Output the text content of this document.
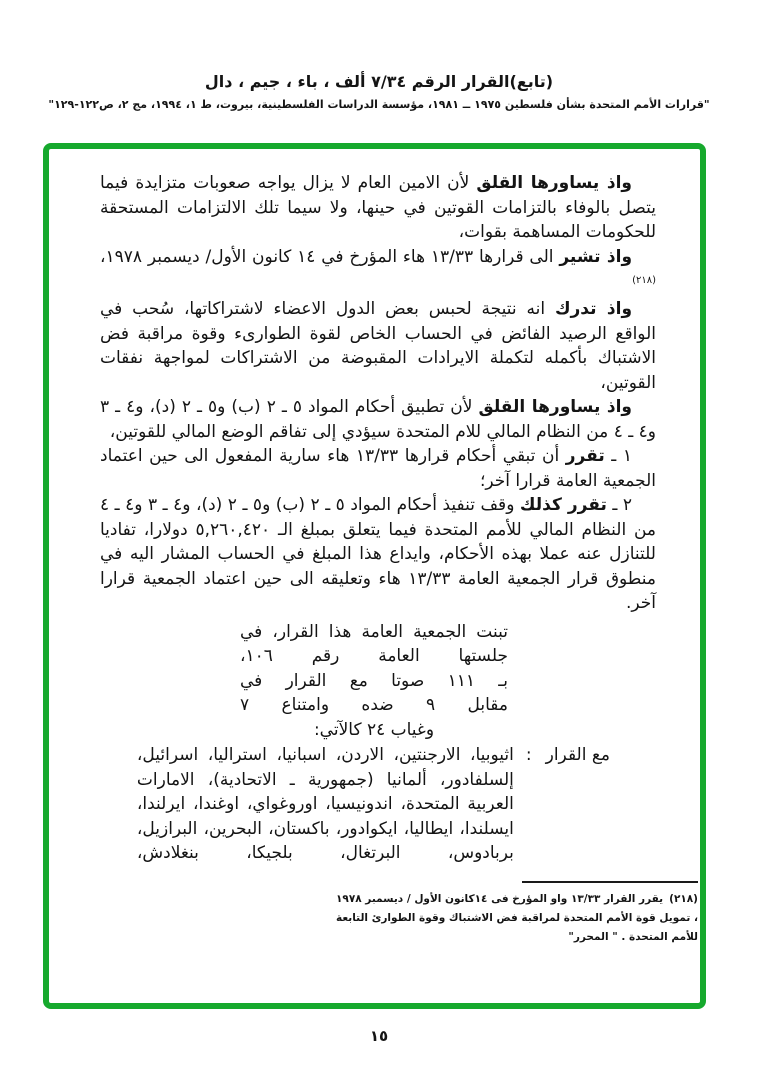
(تابع)القرار الرقم ٧/٣٤ ألف ، باء ، جيم ، دال
"قرارات الأمم المتحدة بشأن فلسطين ١٩٧٥ ــ ١٩٨١، مؤسسة الدراسات الفلسطينية، بيروت، ط ١، ١٩٩٤، مج ٢، ص١٢٢-١٢٩"

واذ يساورها القلق لأن الامين العام لا يزال يواجه صعوبات متزايدة فيما يتصل بالوفاء بالتزامات القوتين في حينها، ولا سيما تلك الالتزامات المستحقة للحكومات المساهمة بقوات،

واذ تشير الى قرارها ١٣/٣٣ هاء المؤرخ في ١٤ كانون الأول/ ديسمبر ١٩٧٨،$^{(٢١٨)}$

واذ تدرك انه نتيجة لحبس بعض الدول الاعضاء لاشتراكاتها، سُحب في الواقع الرصيد الفائض في الحساب الخاص لقوة الطوارىء وقوة مراقبة فض الاشتباك بأكمله لتكملة الايرادات المقبوضة من الاشتراكات لمواجهة نفقات القوتين،

واذ يساورها القلق لأن تطبيق أحكام المواد ٥ ـ ٢ (ب) و٥ ـ ٢ (د)، و٤ ـ ٣ و٤ ـ ٤ من النظام المالي للام المتحدة سيؤدي إلى تفاقم الوضع المالي للقوتين،

١ ـ تقرر أن تبقي أحكام قرارها ١٣/٣٣ هاء سارية المفعول الى حين اعتماد الجمعية العامة قرارا آخر؛

٢ ـ تقرر كذلك وقف تنفيذ أحكام المواد ٥ ـ ٢ (ب) و٥ ـ ٢ (د)، و٤ ـ ٣ و٤ ـ ٤ من النظام المالي للأمم المتحدة فيما يتعلق بمبلغ الـ ٥,٢٦٠,٤٢٠ دولارا، تفاديا للتنازل عنه عملا بهذه الأحكام، وايداع هذا المبلغ في الحساب المشار اليه في منطوق قرار الجمعية العامة ١٣/٣٣ هاء وتعليقه الى حين اعتماد الجمعية قرارا آخر.

تبنت الجمعية العامة هذا القرار، في
جلستها العامة رقم ١٠٦،
بـ ١١١ صوتا مع القرار في
مقابل ٩ ضده وامتناع ٧
وغياب ٢٤ كالآتي:
مع القرار
:
اثيوبيا، الارجنتين، الاردن، اسبانيا، استراليا، اسرائيل، إلسلفادور، ألمانيا (جمهورية ـ الاتحادية)، الامارات العربية المتحدة، اندونيسيا، اوروغواي، اوغندا، ايرلندا، ايسلندا، ايطاليا، ايكوادور، باكستان، البحرين، البرازيل، بربادوس، البرتغال، بلجيكا، بنغلادش،

(٢١٨)يقرر القرار ١٣/٣٣ واو المؤرخ فى ١٤كانون الأول / ديسمبر ١٩٧٨ ، تمويل قوة الأمم المتحدة لمراقبة فض الاشتباك وقوة الطوارئ التابعة للأمم المتحدة . " المحرر"

١٥
